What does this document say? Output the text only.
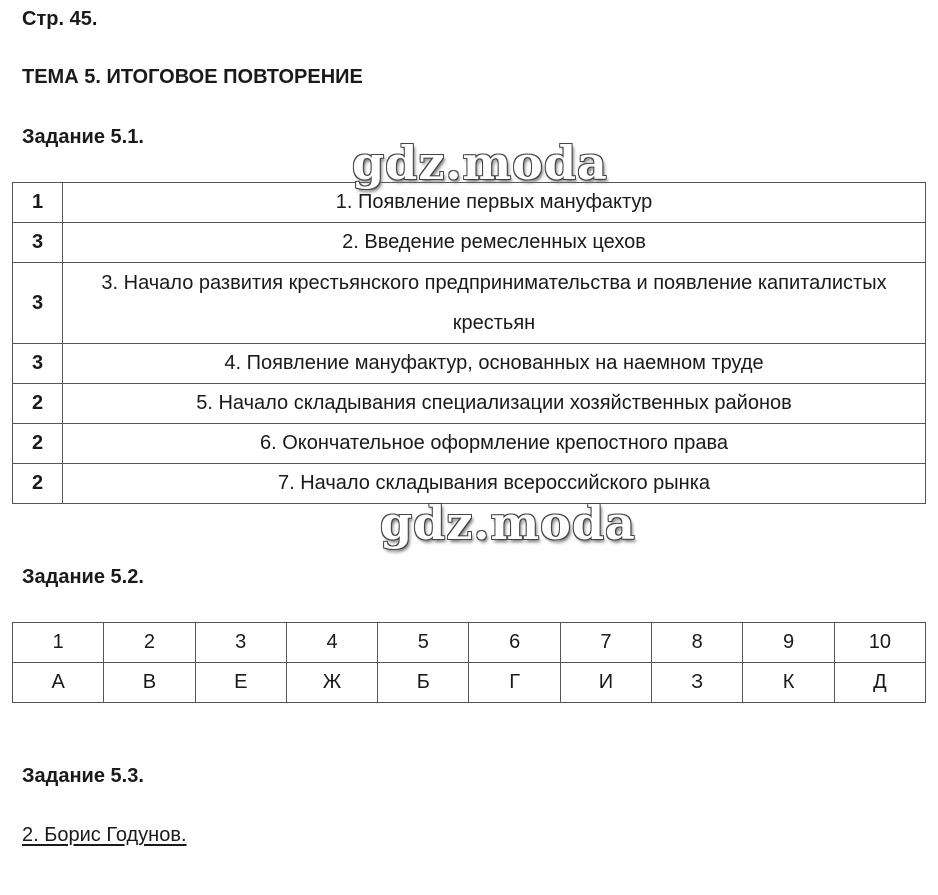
Стр. 45.

ТЕМА 5. ИТОГОВОЕ ПОВТОРЕНИЕ

Задание 5.1.

1	1. Появление первых мануфактур
3	2. Введение ремесленных цехов
3	3. Начало развития крестьянского предпринимательства и появление капиталистых крестьян
3	4. Появление мануфактур, основанных на наемном труде
2	5. Начало складывания специализации хозяйственных районов
2	6. Окончательное оформление крепостного права
2	7. Начало складывания всероссийского рынка

Задание 5.2.

1	2	3	4	5	6	7	8	9	10
А	В	Е	Ж	Б	Г	И	З	К	Д

Задание 5.3.

2. Борис Годунов.
gdz.moda
gdz.moda
